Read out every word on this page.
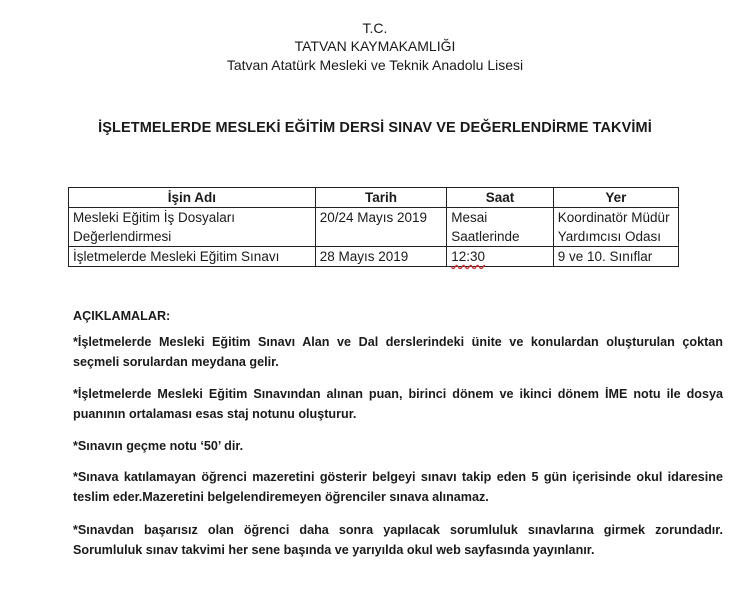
T.C.
TATVAN KAYMAKAMLIĞI
Tatvan Atatürk Mesleki ve Teknik Anadolu Lisesi
İŞLETMELERDE MESLEKİ EĞİTİM DERSİ SINAV VE DEĞERLENDİRME TAKVİMİ
İşin Adı	Tarih	Saat	Yer
Mesleki Eğitim İş Dosyaları Değerlendirmesi	20/24 Mayıs 2019	Mesai Saatlerinde	Koordinatör Müdür Yardımcısı Odası
İşletmelerde Mesleki Eğitim Sınavı	28 Mayıs 2019	12:30	9 ve 10. Sınıflar
AÇIKLAMALAR:
*İşletmelerde Mesleki Eğitim Sınavı Alan ve Dal derslerindeki ünite ve konulardan oluşturulan çoktan seçmeli sorulardan meydana gelir.
*İşletmelerde Mesleki Eğitim Sınavından alınan puan, birinci dönem ve ikinci dönem İME notu ile dosya puanının ortalaması esas staj notunu oluşturur.
*Sınavın geçme notu ‘50’ dir.
*Sınava katılamayan öğrenci mazeretini gösterir belgeyi sınavı takip eden 5 gün içerisinde okul idaresine teslim eder.Mazeretini belgelendiremeyen öğrenciler sınava alınamaz.
*Sınavdan başarısız olan öğrenci daha sonra yapılacak sorumluluk sınavlarına girmek zorundadır. Sorumluluk sınav takvimi her sene başında ve yarıyılda okul web sayfasında yayınlanır.
